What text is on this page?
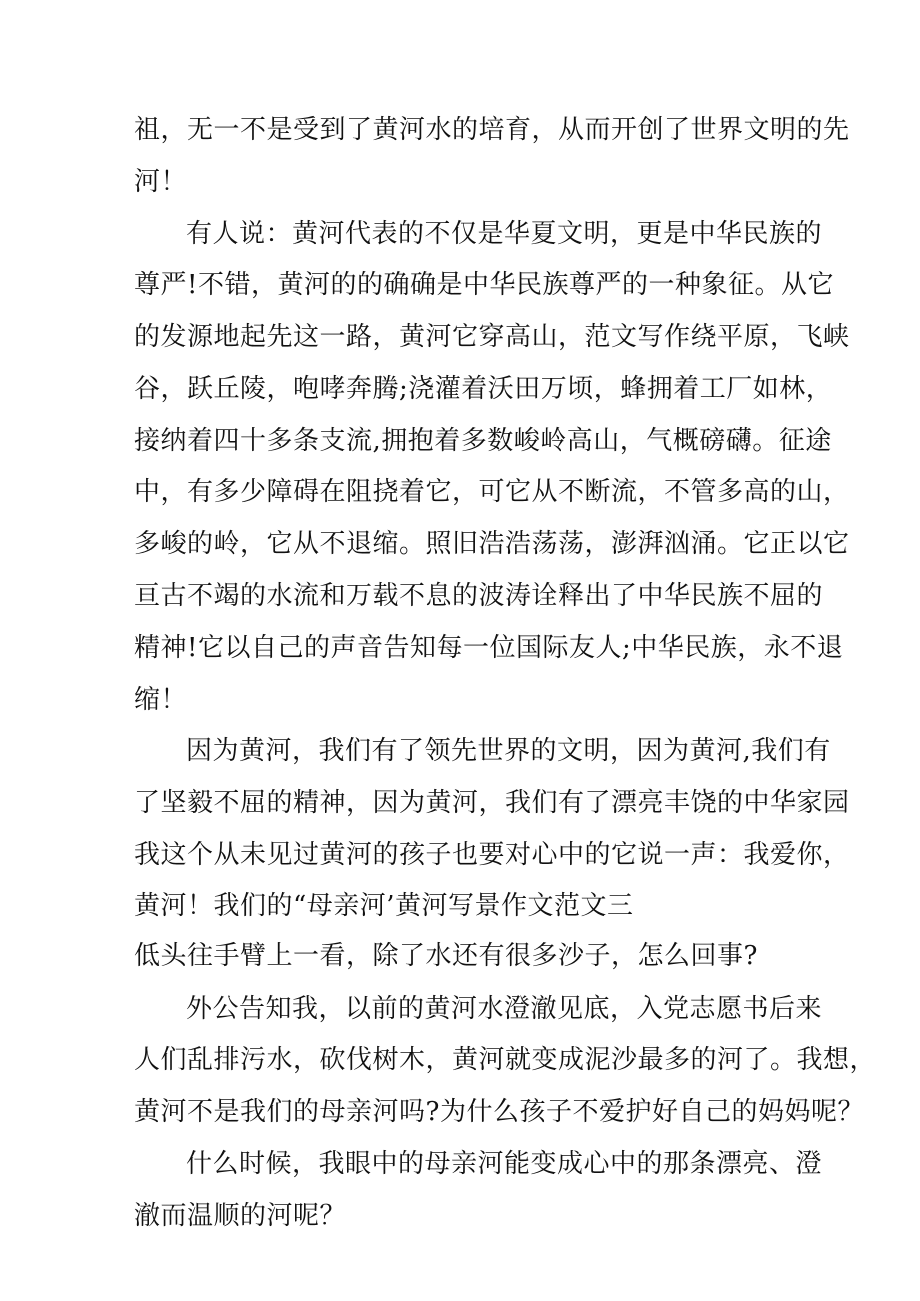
祖，无一不是受到了黄河水的培育，从而开创了世界文明的先
河！
有人说：黄河代表的不仅是华夏文明，更是中华民族的
尊严!不错，黄河的的确确是中华民族尊严的一种象征。从它
的发源地起先这一路，黄河它穿高山，范文写作绕平原，飞峡
谷，跃丘陵，咆哮奔腾;浇灌着沃田万顷，蜂拥着工厂如林，
接纳着四十多条支流,拥抱着多数峻岭高山，气概磅礴。征途
中，有多少障碍在阻挠着它，可它从不断流，不管多高的山，
多峻的岭，它从不退缩。照旧浩浩荡荡，澎湃汹涌。它正以它
亘古不竭的水流和万载不息的波涛诠释出了中华民族不屈的
精神!它以自己的声音告知每一位国际友人;中华民族，永不退
缩！
因为黄河，我们有了领先世界的文明，因为黄河,我们有
了坚毅不屈的精神，因为黄河，我们有了漂亮丰饶的中华家园
我这个从未见过黄河的孩子也要对心中的它说一声：我爱你，
黄河！我们的“母亲河’黄河写景作文范文三
低头往手臂上一看，除了水还有很多沙子，怎么回事?
外公告知我，以前的黄河水澄澈见底，入党志愿书后来
人们乱排污水，砍伐树木，黄河就变成泥沙最多的河了。我想，
黄河不是我们的母亲河吗?为什么孩子不爱护好自己的妈妈呢？
什么时候，我眼中的母亲河能变成心中的那条漂亮、澄
澈而温顺的河呢？
